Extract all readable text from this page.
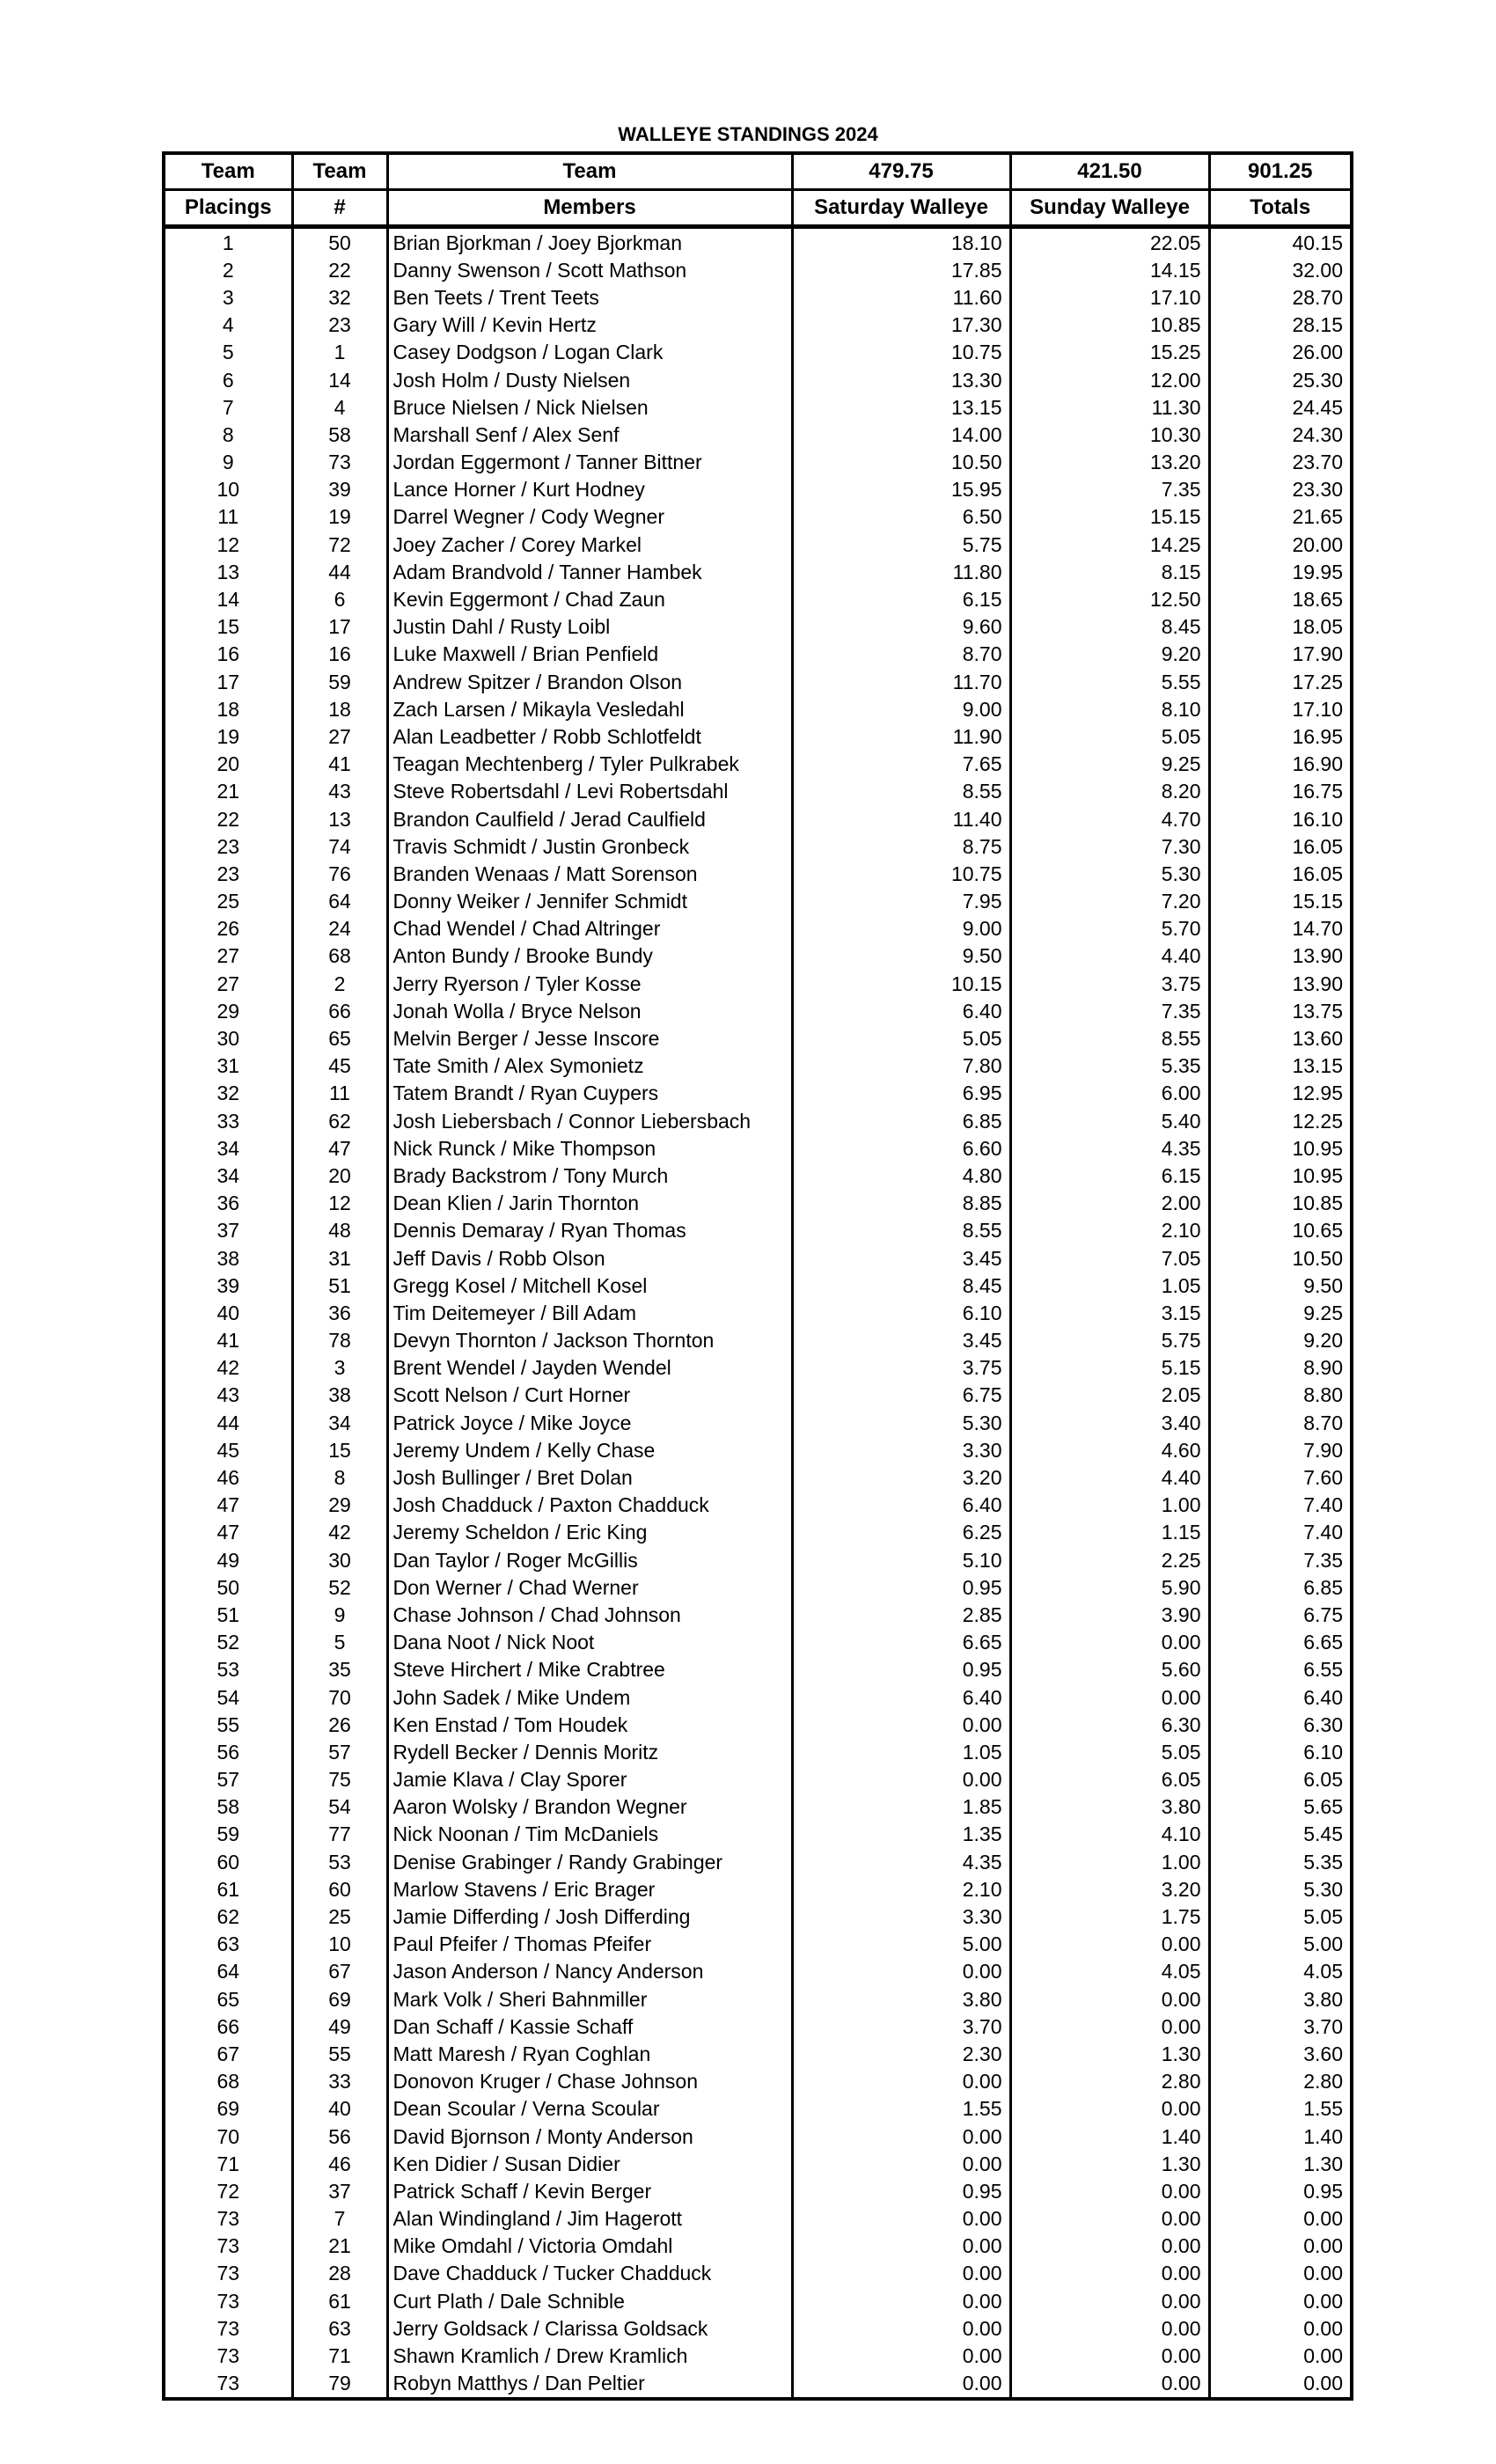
WALLEYE STANDINGS 2024
Team	Team	Team	479.75	421.50	901.25
Placings	#	Members	Saturday Walleye	Sunday Walleye	Totals
1	50	Brian Bjorkman / Joey Bjorkman	18.10	22.05	40.15
2	22	Danny Swenson / Scott Mathson	17.85	14.15	32.00
3	32	Ben Teets / Trent Teets	11.60	17.10	28.70
4	23	Gary Will / Kevin Hertz	17.30	10.85	28.15
5	1	Casey Dodgson / Logan Clark	10.75	15.25	26.00
6	14	Josh Holm / Dusty Nielsen	13.30	12.00	25.30
7	4	Bruce Nielsen / Nick Nielsen	13.15	11.30	24.45
8	58	Marshall Senf / Alex Senf	14.00	10.30	24.30
9	73	Jordan Eggermont / Tanner Bittner	10.50	13.20	23.70
10	39	Lance Horner / Kurt Hodney	15.95	7.35	23.30
11	19	Darrel Wegner / Cody Wegner	6.50	15.15	21.65
12	72	Joey Zacher / Corey Markel	5.75	14.25	20.00
13	44	Adam Brandvold / Tanner Hambek	11.80	8.15	19.95
14	6	Kevin Eggermont / Chad Zaun	6.15	12.50	18.65
15	17	Justin Dahl / Rusty Loibl	9.60	8.45	18.05
16	16	Luke Maxwell / Brian Penfield	8.70	9.20	17.90
17	59	Andrew Spitzer / Brandon Olson	11.70	5.55	17.25
18	18	Zach Larsen / Mikayla Vesledahl	9.00	8.10	17.10
19	27	Alan Leadbetter / Robb Schlotfeldt	11.90	5.05	16.95
20	41	Teagan Mechtenberg / Tyler Pulkrabek	7.65	9.25	16.90
21	43	Steve Robertsdahl / Levi Robertsdahl	8.55	8.20	16.75
22	13	Brandon Caulfield / Jerad Caulfield	11.40	4.70	16.10
23	74	Travis Schmidt / Justin Gronbeck	8.75	7.30	16.05
23	76	Branden Wenaas / Matt Sorenson	10.75	5.30	16.05
25	64	Donny Weiker / Jennifer Schmidt	7.95	7.20	15.15
26	24	Chad Wendel / Chad Altringer	9.00	5.70	14.70
27	68	Anton Bundy / Brooke Bundy	9.50	4.40	13.90
27	2	Jerry Ryerson / Tyler Kosse	10.15	3.75	13.90
29	66	Jonah Wolla / Bryce Nelson	6.40	7.35	13.75
30	65	Melvin Berger / Jesse Inscore	5.05	8.55	13.60
31	45	Tate Smith / Alex Symonietz	7.80	5.35	13.15
32	11	Tatem Brandt / Ryan Cuypers	6.95	6.00	12.95
33	62	Josh Liebersbach / Connor Liebersbach	6.85	5.40	12.25
34	47	Nick Runck / Mike Thompson	6.60	4.35	10.95
34	20	Brady Backstrom / Tony Murch	4.80	6.15	10.95
36	12	Dean Klien / Jarin Thornton	8.85	2.00	10.85
37	48	Dennis Demaray / Ryan Thomas	8.55	2.10	10.65
38	31	Jeff Davis / Robb Olson	3.45	7.05	10.50
39	51	Gregg Kosel / Mitchell Kosel	8.45	1.05	9.50
40	36	Tim Deitemeyer / Bill Adam	6.10	3.15	9.25
41	78	Devyn Thornton / Jackson Thornton	3.45	5.75	9.20
42	3	Brent Wendel / Jayden Wendel	3.75	5.15	8.90
43	38	Scott Nelson / Curt Horner	6.75	2.05	8.80
44	34	Patrick Joyce / Mike Joyce	5.30	3.40	8.70
45	15	Jeremy Undem / Kelly Chase	3.30	4.60	7.90
46	8	Josh Bullinger / Bret Dolan	3.20	4.40	7.60
47	29	Josh Chadduck / Paxton Chadduck	6.40	1.00	7.40
47	42	Jeremy Scheldon / Eric King	6.25	1.15	7.40
49	30	Dan Taylor / Roger McGillis	5.10	2.25	7.35
50	52	Don Werner / Chad Werner	0.95	5.90	6.85
51	9	Chase Johnson / Chad Johnson	2.85	3.90	6.75
52	5	Dana Noot / Nick Noot	6.65	0.00	6.65
53	35	Steve Hirchert / Mike Crabtree	0.95	5.60	6.55
54	70	John Sadek / Mike Undem	6.40	0.00	6.40
55	26	Ken Enstad / Tom Houdek	0.00	6.30	6.30
56	57	Rydell Becker / Dennis Moritz	1.05	5.05	6.10
57	75	Jamie Klava / Clay Sporer	0.00	6.05	6.05
58	54	Aaron Wolsky / Brandon Wegner	1.85	3.80	5.65
59	77	Nick Noonan / Tim McDaniels	1.35	4.10	5.45
60	53	Denise Grabinger / Randy Grabinger	4.35	1.00	5.35
61	60	Marlow Stavens / Eric Brager	2.10	3.20	5.30
62	25	Jamie Differding / Josh Differding	3.30	1.75	5.05
63	10	Paul Pfeifer / Thomas Pfeifer	5.00	0.00	5.00
64	67	Jason Anderson / Nancy Anderson	0.00	4.05	4.05
65	69	Mark Volk / Sheri Bahnmiller	3.80	0.00	3.80
66	49	Dan Schaff / Kassie Schaff	3.70	0.00	3.70
67	55	Matt Maresh / Ryan Coghlan	2.30	1.30	3.60
68	33	Donovon Kruger / Chase Johnson	0.00	2.80	2.80
69	40	Dean Scoular / Verna Scoular	1.55	0.00	1.55
70	56	David Bjornson / Monty Anderson	0.00	1.40	1.40
71	46	Ken Didier / Susan Didier	0.00	1.30	1.30
72	37	Patrick Schaff / Kevin Berger	0.95	0.00	0.95
73	7	Alan Windingland / Jim Hagerott	0.00	0.00	0.00
73	21	Mike Omdahl / Victoria Omdahl	0.00	0.00	0.00
73	28	Dave Chadduck / Tucker Chadduck	0.00	0.00	0.00
73	61	Curt Plath / Dale Schnible	0.00	0.00	0.00
73	63	Jerry Goldsack / Clarissa Goldsack	0.00	0.00	0.00
73	71	Shawn Kramlich / Drew Kramlich	0.00	0.00	0.00
73	79	Robyn Matthys / Dan Peltier	0.00	0.00	0.00
